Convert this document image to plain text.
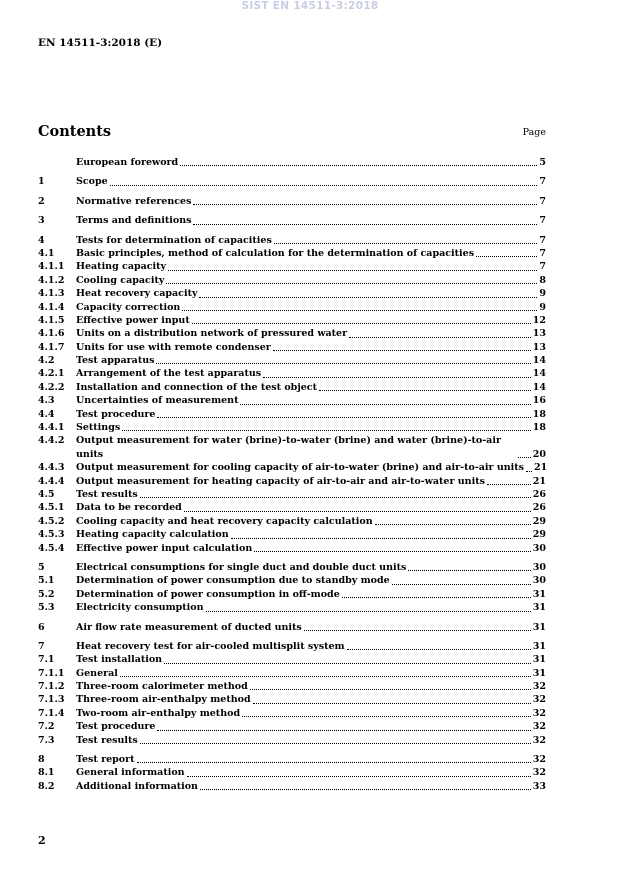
SIST EN 14511-3:2018
EN 14511-3:2018 (E)
Contents	Page
European foreword	5
1	Scope	7
2	Normative references	7
3	Terms and definitions	7
4	Tests for determination of capacities	7
4.1	Basic principles, method of calculation for the determination of capacities	7
4.1.1	Heating capacity	7
4.1.2	Cooling capacity	8
4.1.3	Heat recovery capacity	9
4.1.4	Capacity correction	9
4.1.5	Effective power input	12
4.1.6	Units on a distribution network of pressured water	13
4.1.7	Units for use with remote condenser	13
4.2	Test apparatus	14
4.2.1	Arrangement of the test apparatus	14
4.2.2	Installation and connection of the test object	14
4.3	Uncertainties of measurement	16
4.4	Test procedure	18
4.4.1	Settings	18
4.4.2	Output measurement for water (brine)-to-water (brine) and water (brine)-to-air units	20
4.4.3	Output measurement for cooling capacity of air-to-water (brine) and air-to-air units 21
4.4.4	Output measurement for heating capacity of air-to-air and air-to-water units	21
4.5	Test results	26
4.5.1	Data to be recorded	26
4.5.2	Cooling capacity and heat recovery capacity calculation	29
4.5.3	Heating capacity calculation	29
4.5.4	Effective power input calculation	30
5	Electrical consumptions for single duct and double duct units	30
5.1	Determination of power consumption due to standby mode	30
5.2	Determination of power consumption in off-mode	31
5.3	Electricity consumption	31
6	Air flow rate measurement of ducted units	31
7	Heat recovery test for air-cooled multisplit system	31
7.1	Test installation	31
7.1.1	General	31
7.1.2	Three-room calorimeter method	32
7.1.3	Three-room air-enthalpy method	32
7.1.4	Two-room air-enthalpy method	32
7.2	Test procedure	32
7.3	Test results	32
8	Test report	32
8.1	General information	32
8.2	Additional information	33
2
